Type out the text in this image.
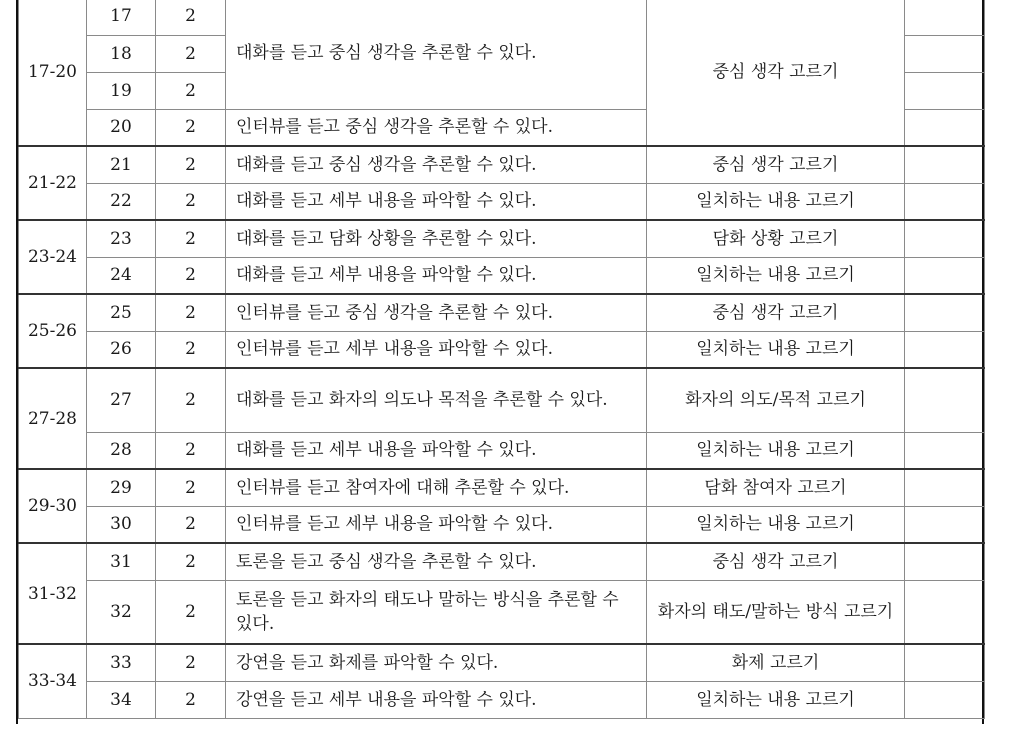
17-20	17	2	대화를 듣고 중심 생각을 추론할 수 있다.	중심 생각 고르기	
	18	2			
	19	2			
	20	2	인터뷰를 듣고 중심 생각을 추론할 수 있다.		
21-22	21	2	대화를 듣고 중심 생각을 추론할 수 있다.	중심 생각 고르기	
	22	2	대화를 듣고 세부 내용을 파악할 수 있다.	일치하는 내용 고르기	
23-24	23	2	대화를 듣고 담화 상황을 추론할 수 있다.	담화 상황 고르기	
	24	2	대화를 듣고 세부 내용을 파악할 수 있다.	일치하는 내용 고르기	
25-26	25	2	인터뷰를 듣고 중심 생각을 추론할 수 있다.	중심 생각 고르기	
	26	2	인터뷰를 듣고 세부 내용을 파악할 수 있다.	일치하는 내용 고르기	
27-28	27	2	대화를 듣고 화자의 의도나 목적을 추론할 수 있다.	화자의 의도/목적 고르기	
	28	2	대화를 듣고 세부 내용을 파악할 수 있다.	일치하는 내용 고르기	
29-30	29	2	인터뷰를 듣고 참여자에 대해 추론할 수 있다.	담화 참여자 고르기	
	30	2	인터뷰를 듣고 세부 내용을 파악할 수 있다.	일치하는 내용 고르기	
31-32	31	2	토론을 듣고 중심 생각을 추론할 수 있다.	중심 생각 고르기	
	32	2	토론을 듣고 화자의 태도나 말하는 방식을 추론할 수 있다.	화자의 태도/말하는 방식 고르기	
33-34	33	2	강연을 듣고 화제를 파악할 수 있다.	화제 고르기	
	34	2	강연을 듣고 세부 내용을 파악할 수 있다.	일치하는 내용 고르기	
